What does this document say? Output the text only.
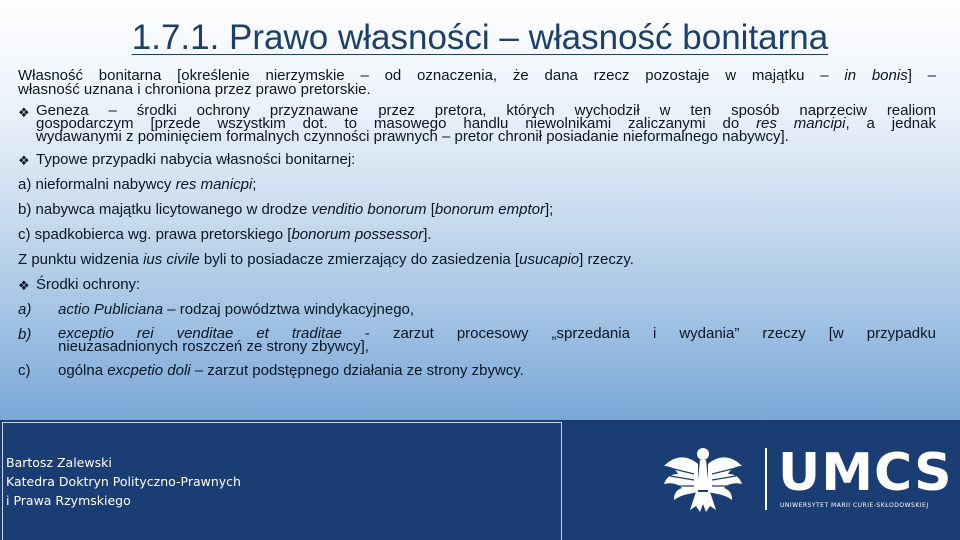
1.7.1. Prawo własności – własność bonitarna

Własność bonitarna [określenie nierzymskie – od oznaczenia, że dana rzecz pozostaje w majątku – in bonis] –

własność uznana i chroniona przez prawo pretorskie.

❖ Geneza – środki ochrony przyznawane przez pretora, których wychodził w ten sposób naprzeciw realiom

gospodarczym [przede wszystkim dot. to masowego handlu niewolnikami zaliczanymi do res mancipi, a jednak

wydawanymi z pominięciem formalnych czynności prawnych – pretor chronił posiadanie nieformalnego nabywcy].

❖ Typowe przypadki nabycia własności bonitarnej:

a) nieformalni nabywcy res manicpi;

b) nabywca majątku licytowanego w drodze venditio bonorum [bonorum emptor];

c) spadkobierca wg. prawa pretorskiego [bonorum possessor].

Z punktu widzenia ius civile byli to posiadacze zmierzający do zasiedzenia [usucapio] rzeczy.

❖ Środki ochrony:

a)	actio Publiciana – rodzaj powództwa windykacyjnego,
b)	exceptio rei venditae et traditae - zarzut procesowy „sprzedania i wydania” rzeczy [w przypadku

nieuzasadnionych roszczeń ze strony zbywcy],

c)	ogólna excpetio doli – zarzut podstępnego działania ze strony zbywcy.
Bartosz Zalewski
Katedra Doktryn Polityczno-Prawnych
i Prawa Rzymskiego	UMCS
UNIWERSYTET MARII CURIE-SKŁODOWSKIEJ
